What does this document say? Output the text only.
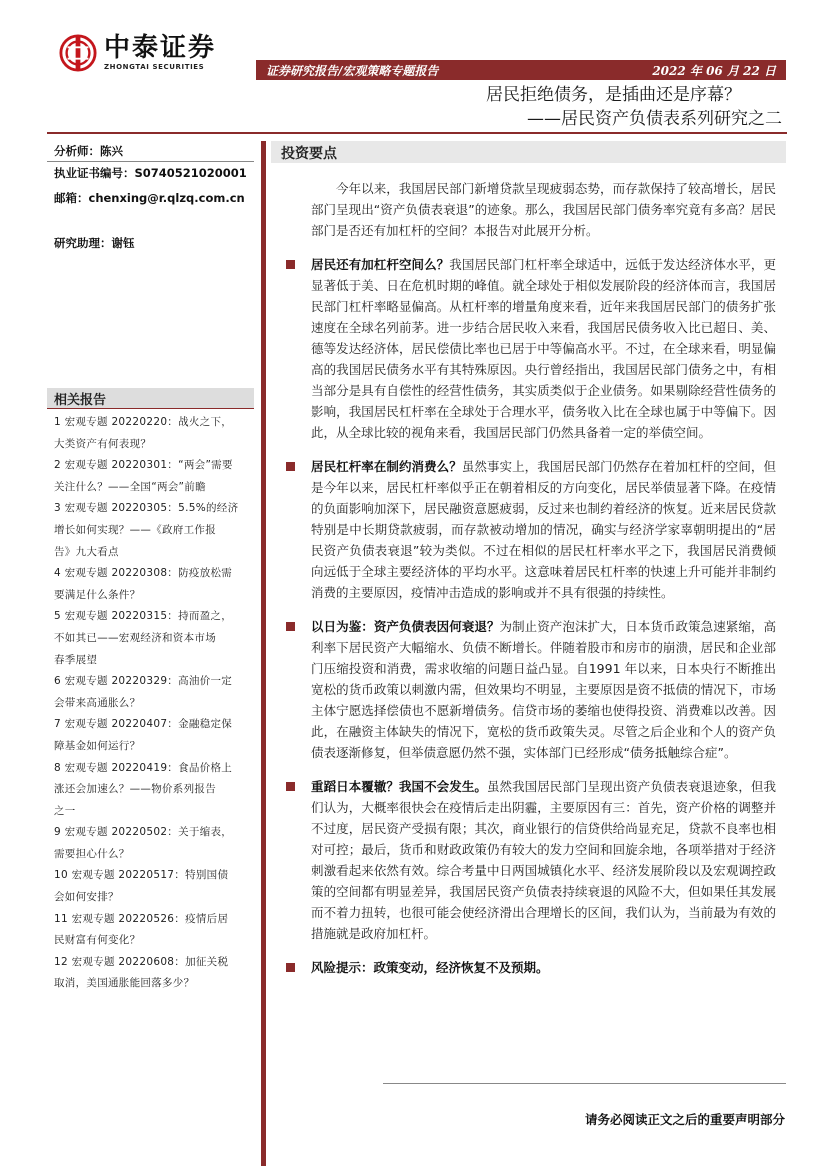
中泰证券
ZHONGTAI SECURITIES	证券研究报告/宏观策略专题报告	2022 年 06 月 22 日
居民拒绝债务，是插曲还是序幕？
——居民资产负债表系列研究之二
分析师：陈兴
执业证书编号：S0740521020001
邮箱：chenxing@r.qlzq.com.cn
研究助理：谢钰
相关报告
1 宏观专题 20220220：战火之下，
大类资产有何表现？
2 宏观专题 20220301：“两会”需要
关注什么？——全国“两会”前瞻
3 宏观专题 20220305：5.5%的经济
增长如何实现？——《政府工作报
告》九大看点
4 宏观专题 20220308：防疫放松需
要满足什么条件？
5 宏观专题 20220315：持而盈之，
不如其已——宏观经济和资本市场
春季展望
6 宏观专题 20220329：高油价一定
会带来高通胀么？
7 宏观专题 20220407：金融稳定保
障基金如何运行？
8 宏观专题 20220419：食品价格上
涨还会加速么？——物价系列报告
之一
9 宏观专题 20220502：关于缩表，
需要担心什么？
10 宏观专题 20220517：特别国债
会如何安排？
11 宏观专题 20220526：疫情后居
民财富有何变化？
12 宏观专题 20220608：加征关税
取消，美国通胀能回落多少？
投资要点

今年以来，我国居民部门新增贷款呈现疲弱态势，而存款保持了较高增长，居民部门呈现出“资产负债表衰退”的迹象。那么，我国居民部门债务率究竟有多高？居民部门是否还有加杠杆的空间？本报告对此展开分析。

居民还有加杠杆空间么？我国居民部门杠杆率全球适中，远低于发达经济体水平，更显著低于美、日在危机时期的峰值。就全球处于相似发展阶段的经济体而言，我国居民部门杠杆率略显偏高。从杠杆率的增量角度来看，近年来我国居民部门的债务扩张速度在全球名列前茅。进一步结合居民收入来看，我国居民债务收入比已超日、美、德等发达经济体，居民偿债比率也已居于中等偏高水平。不过，在全球来看，明显偏高的我国居民债务水平有其特殊原因。央行曾经指出，我国居民部门债务之中，有相当部分是具有自偿性的经营性债务，其实质类似于企业债务。如果剔除经营性债务的影响，我国居民杠杆率在全球处于合理水平，债务收入比在全球也属于中等偏下。因此，从全球比较的视角来看，我国居民部门仍然具备着一定的举债空间。

居民杠杆率在制约消费么？虽然事实上，我国居民部门仍然存在着加杠杆的空间，但是今年以来，居民杠杆率似乎正在朝着相反的方向变化，居民举债显著下降。在疫情的负面影响加深下，居民融资意愿疲弱，反过来也制约着经济的恢复。近来居民贷款特别是中长期贷款疲弱，而存款被动增加的情况，确实与经济学家辜朝明提出的“居民资产负债表衰退”较为类似。不过在相似的居民杠杆率水平之下，我国居民消费倾向远低于全球主要经济体的平均水平。这意味着居民杠杆率的快速上升可能并非制约消费的主要原因，疫情冲击造成的影响或并不具有很强的持续性。

以日为鉴：资产负债表因何衰退？为制止资产泡沫扩大，日本货币政策急速紧缩，高利率下居民资产大幅缩水、负债不断增长。伴随着股市和房市的崩溃，居民和企业部门压缩投资和消费，需求收缩的问题日益凸显。自1991 年以来，日本央行不断推出宽松的货币政策以刺激内需，但效果均不明显，主要原因是资不抵债的情况下，市场主体宁愿选择偿债也不愿新增债务。信贷市场的萎缩也使得投资、消费难以改善。因此，在融资主体缺失的情况下，宽松的货币政策失灵。尽管之后企业和个人的资产负债表逐渐修复，但举债意愿仍然不强，实体部门已经形成“债务抵触综合症”。

重蹈日本覆辙？我国不会发生。虽然我国居民部门呈现出资产负债表衰退迹象，但我们认为，大概率很快会在疫情后走出阴霾，主要原因有三：首先，资产价格的调整并不过度，居民资产受损有限；其次，商业银行的信贷供给尚显充足，贷款不良率也相对可控；最后，货币和财政政策仍有较大的发力空间和回旋余地，各项举措对于经济刺激看起来依然有效。综合考量中日两国城镇化水平、经济发展阶段以及宏观调控政策的空间都有明显差异，我国居民资产负债表持续衰退的风险不大，但如果任其发展而不着力扭转，也很可能会使经济滑出合理增长的区间，我们认为，当前最为有效的措施就是政府加杠杆。

风险提示：政策变动，经济恢复不及预期。

请务必阅读正文之后的重要声明部分
